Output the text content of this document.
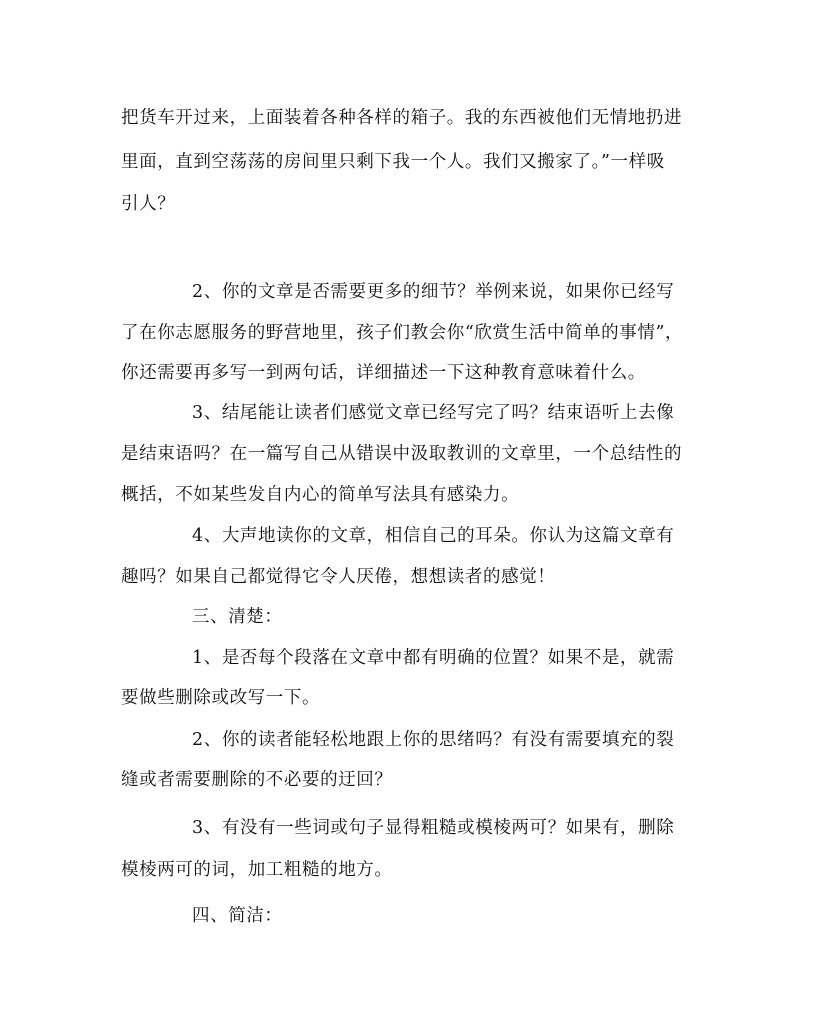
把货车开过来，上面装着各种各样的箱子。我的东西被他们无情地扔进
里面，直到空荡荡的房间里只剩下我一个人。我们又搬家了。”一样吸
引人？
2、你的文章是否需要更多的细节？举例来说，如果你已经写
了在你志愿服务的野营地里，孩子们教会你“欣赏生活中简单的事情”，
你还需要再多写一到两句话，详细描述一下这种教育意味着什么。
3、结尾能让读者们感觉文章已经写完了吗？结束语听上去像
是结束语吗？在一篇写自己从错误中汲取教训的文章里，一个总结性的
概括，不如某些发自内心的简单写法具有感染力。
4、大声地读你的文章，相信自己的耳朵。你认为这篇文章有
趣吗？如果自己都觉得它令人厌倦，想想读者的感觉！
三、清楚：
1、是否每个段落在文章中都有明确的位置？如果不是，就需
要做些删除或改写一下。
2、你的读者能轻松地跟上你的思绪吗？有没有需要填充的裂
缝或者需要删除的不必要的迂回？
3、有没有一些词或句子显得粗糙或模棱两可？如果有，删除
模棱两可的词，加工粗糙的地方。
四、简洁：
